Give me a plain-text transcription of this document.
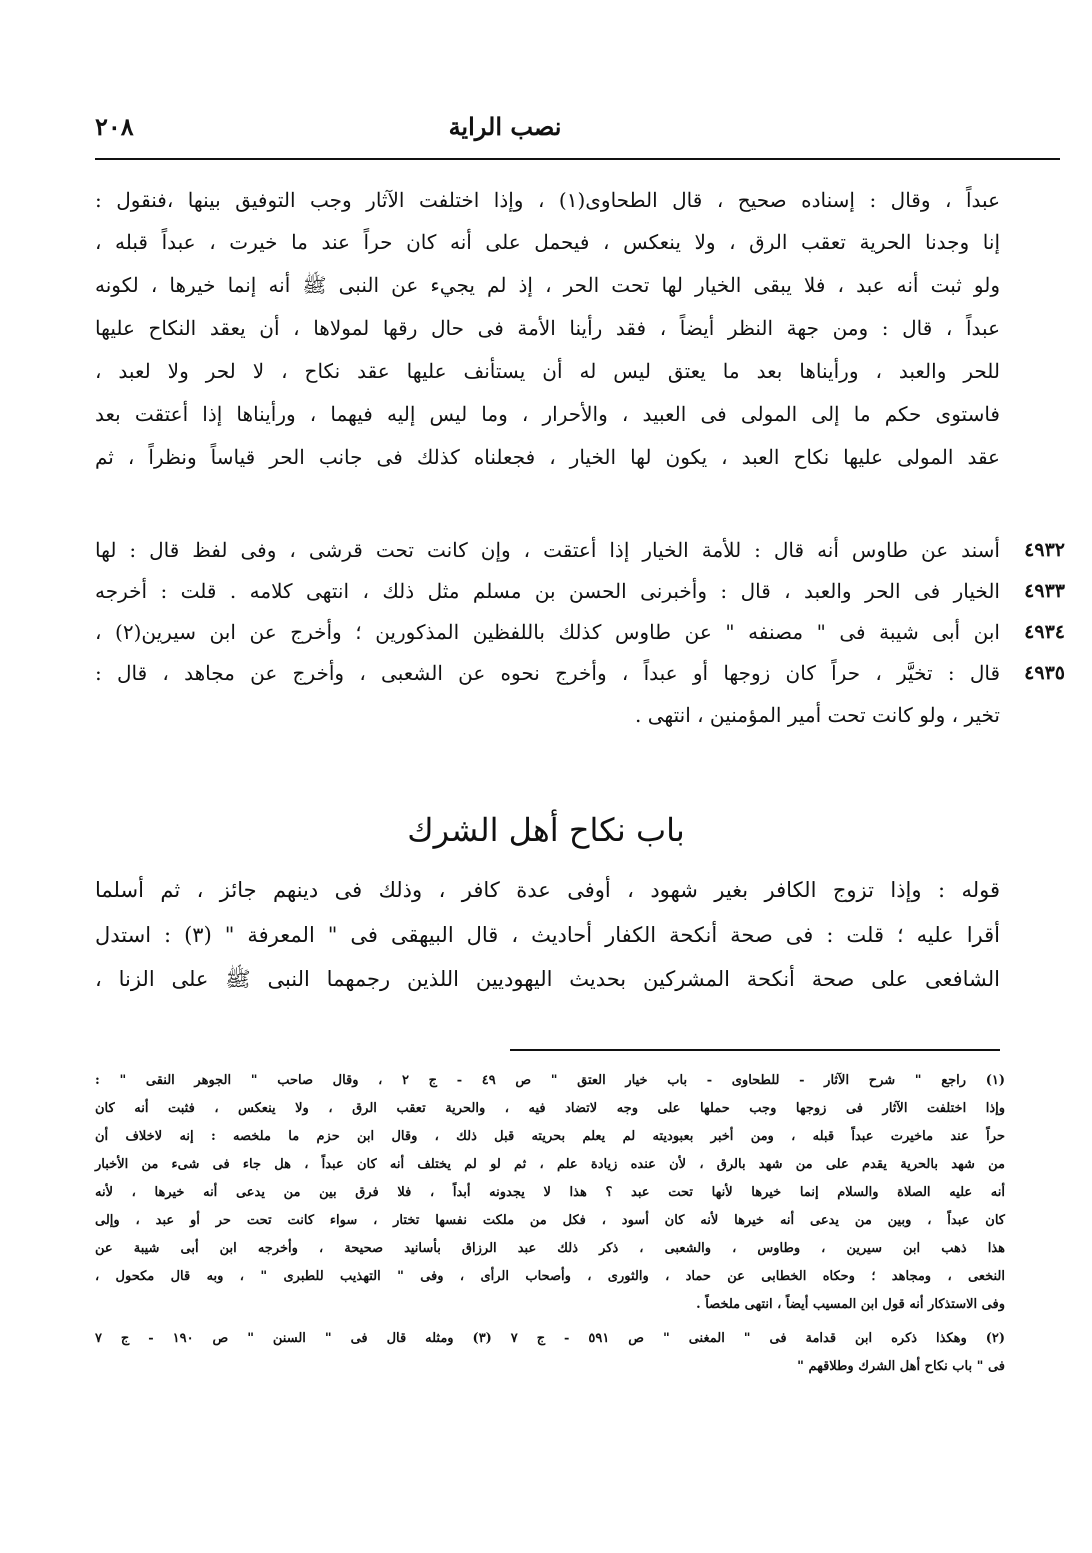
نصب الراية
٢٠٨
عبداً ، وقال : إسناده صحيح ، قال الطحاوى(١) ، وإذا اختلفت الآثار وجب التوفيق بينها ،فنقول :
إنا وجدنا الحرية تعقب الرق ، ولا ينعكس ، فيحمل على أنه كان حراً عند ما خيرت ، عبداً قبله ،
ولو ثبت أنه عبد ، فلا يبقى الخيار لها تحت الحر ، إذ لم يجيء عن النبى ﷺ أنه إنما خيرها ، لكونه
عبداً ، قال : ومن جهة النظر أيضاً ، فقد رأينا الأمة فى حال رقها لمولاها ، أن يعقد النكاح عليها
للحر والعبد ، ورأيناها بعد ما يعتق ليس له أن يستأنف عليها عقد نكاح ، لا لحر ولا لعبد ،
فاستوى حكم ما إلى المولى فى العبيد ، والأحرار ، وما ليس إليه فيهما ، ورأيناها إذا أعتقت بعد
عقد المولى عليها نكاح العبد ، يكون لها الخيار ، فجعلناه كذلك فى جانب الحر قياساً ونظراً ، ثم
أسند عن طاوس أنه قال : للأمة الخيار إذا أعتقت ، وإن كانت تحت قرشى ، وفى لفظ قال : لها
الخيار فى الحر والعبد ، قال : وأخبرنى الحسن بن مسلم مثل ذلك ، انتهى كلامه . قلت : أخرجه
ابن أبى شيبة فى " مصنفه " عن طاوس كذلك باللفظين المذكورين ؛ وأخرج عن ابن سيرين(٢) ،
قال : تخيَّر ، حراً كان زوجها أو عبداً ، وأخرج نحوه عن الشعبى ، وأخرج عن مجاهد ، قال :
تخير ، ولو كانت تحت أمير المؤمنين ، انتهى .
٤٩٣٢
٤٩٣٣
٤٩٣٤
٤٩٣٥
باب نكاح أهل الشرك
قوله : وإذا تزوج الكافر بغير شهود ، أوفى عدة كافر ، وذلك فى دينهم جائز ، ثم أسلما
أقرا عليه ؛ قلت : فى صحة أنكحة الكفار أحاديث ، قال البيهقى فى " المعرفة " (٣) : استدل
الشافعى على صحة أنكحة المشركين بحديث اليهوديين اللذين رجمهما النبى ﷺ على الزنا ،
(١) راجع " شرح الآثار - للطحاوى - باب خيار العتق " ص ٤٩ - ج ٢ ، وقال صاحب " الجوهر النقى " :
وإذا اختلفت الآثار فى زوجها وجب حملها على وجه لاتضاد فيه ، والحرية تعقب الرق ، ولا ينعكس ، فثبت أنه كان
حراً عند ماخيرت عبداً قبله ، ومن أخبر بعبوديته لم يعلم بحريته قبل ذلك ، وقال ابن حزم ما ملخصه : إنه لاخلاف أن
من شهد بالحرية يقدم على من شهد بالرق ، لأن عنده زيادة علم ، ثم لو لم يختلف أنه كان عبداً ، هل جاء فى شىء من الأخبار
أنه عليه الصلاة والسلام إنما خيرها لأنها تحت عبد ؟ هذا لا يجدونه أبداً ، فلا فرق بين من يدعى أنه خيرها ، لأنه
كان عبداً ، وبين من يدعى أنه خيرها لأنه كان أسود ، فكل من ملكت نفسها تختار ، سواء كانت تحت حر أو عبد ، وإلى
هذا ذهب ابن سيرين ، وطاوس ، والشعبى ، ذكر ذلك عبد الرزاق بأسانيد صحيحة ، وأخرجه ابن أبى شيبة عن
النخعى ، ومجاهد ؛ وحكاه الخطابى عن حماد ، والثورى ، وأصحاب الرأى ، وفى " التهذيب للطبرى " ، وبه قال مكحول ،
وفى الاستذكار أنه قول ابن المسيب أيضاً ، انتهى ملخصاً .
(٢) وهكذا ذكره ابن قدامة فى " المغنى " ص ٥٩١ - ج ٧ (٣) ومثله قال فى " السنن " ص ١٩٠ - ج ٧
فى " باب نكاح أهل الشرك وطلاقهم "
